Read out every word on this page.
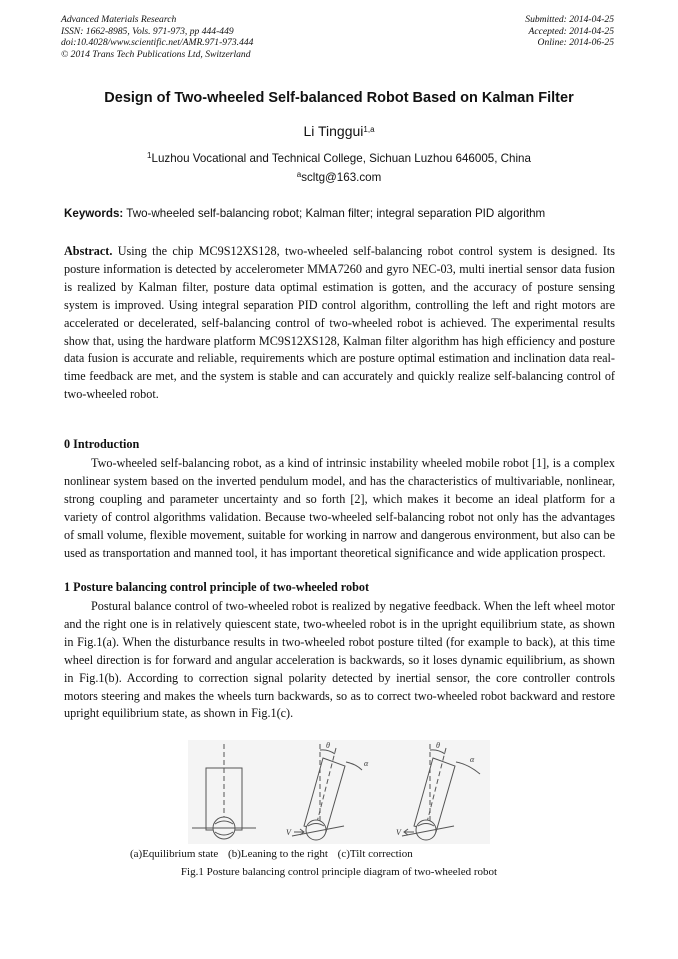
Advanced Materials Research
ISSN: 1662-8985, Vols. 971-973, pp 444-449
doi:10.4028/www.scientific.net/AMR.971-973.444
© 2014 Trans Tech Publications Ltd, Switzerland
Submitted: 2014-04-25
Accepted: 2014-04-25
Online: 2014-06-25
Design of Two-wheeled Self-balanced Robot Based on Kalman Filter
Li Tinggui$^{1,a}$
$^1$Luzhou Vocational and Technical College, Sichuan Luzhou 646005, China
$^a$scltg@163.com
Keywords: Two-wheeled self-balancing robot; Kalman filter; integral separation PID algorithm

Abstract. Using the chip MC9S12XS128, two-wheeled self-balancing robot control system is designed. Its posture information is detected by accelerometer MMA7260 and gyro NEC-03, multi inertial sensor data fusion is realized by Kalman filter, posture data optimal estimation is gotten, and the accuracy of posture sensing system is improved. Using integral separation PID control algorithm, controlling the left and right motors are accelerated or decelerated, self-balancing control of two-wheeled robot is achieved. The experimental results show that, using the hardware platform MC9S12XS128, Kalman filter algorithm has high efficiency and posture data fusion is accurate and reliable, requirements which are posture optimal estimation and inclination data real-time feedback are met, and the system is stable and can accurately and quickly realize self-balancing control of two-wheeled robot.

0 Introduction

Two-wheeled self-balancing robot, as a kind of intrinsic instability wheeled mobile robot [1], is a complex nonlinear system based on the inverted pendulum model, and has the characteristics of multivariable, nonlinear, strong coupling and parameter uncertainty and so forth [2], which makes it become an ideal platform for a variety of control algorithms validation. Because two-wheeled self-balancing robot not only has the advantages of small volume, flexible movement, suitable for working in narrow and dangerous environment, but also can be used as transportation and manned tool, it has important theoretical significance and wide application prospect.

1 Posture balancing control principle of two-wheeled robot

Postural balance control of two-wheeled robot is realized by negative feedback. When the left wheel motor and the right one is in relatively quiescent state, two-wheeled robot is in the upright equilibrium state, as shown in Fig.1(a). When the disturbance results in two-wheeled robot posture tilted (for example to back), at this time wheel direction is for forward and angular acceleration is backwards, so it loses dynamic equilibrium, as shown in Fig.1(b). According to correction signal polarity detected by inertial sensor, the core controller controls motors steering and makes the wheels turn backwards, so as to correct two-wheeled robot backward and restore upright equilibrium state, as shown in Fig.1(c).

θ
α
V
θ
α
V
(a)Equilibrium state (b)Leaning to the right (c)Tilt correction
Fig.1 Posture balancing control principle diagram of two-wheeled robot
